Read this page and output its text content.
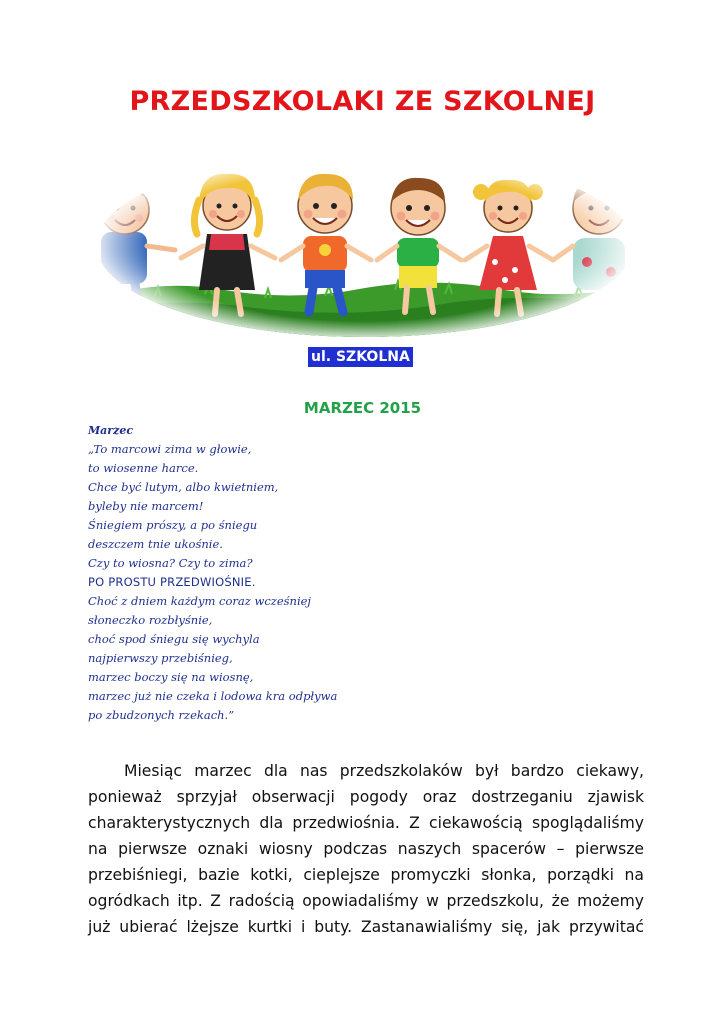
PRZEDSZKOLAKI ZE SZKOLNEJ
ul. SZKOLNA
MARZEC 2015
Marzec
„To marcowi zima w głowie,
to wiosenne harce.
Chce być lutym, albo kwietniem,
byleby nie marcem!
Śniegiem prószy, a po śniegu
deszczem tnie ukośnie.
Czy to wiosna? Czy to zima?
PO PROSTU PRZEDWIOŚNIE.
Choć z dniem każdym coraz wcześniej
słoneczko rozbłyśnie,
choć spod śniegu się wychyla
najpierwszy przebiśnieg,
marzec boczy się na wiosnę,
marzec już nie czeka i lodowa kra odpływa
po zbudzonych rzekach.”
Miesiąc marzec dla nas przedszkolaków był bardzo ciekawy,
ponieważ sprzyjał obserwacji pogody oraz dostrzeganiu zjawisk
charakterystycznych dla przedwiośnia. Z ciekawością spoglądaliśmy
na pierwsze oznaki wiosny podczas naszych spacerów – pierwsze
przebiśniegi, bazie kotki, cieplejsze promyczki słonka, porządki na
ogródkach itp. Z radością opowiadaliśmy w przedszkolu, że możemy
już ubierać lżejsze kurtki i buty. Zastanawialiśmy się, jak przywitać
